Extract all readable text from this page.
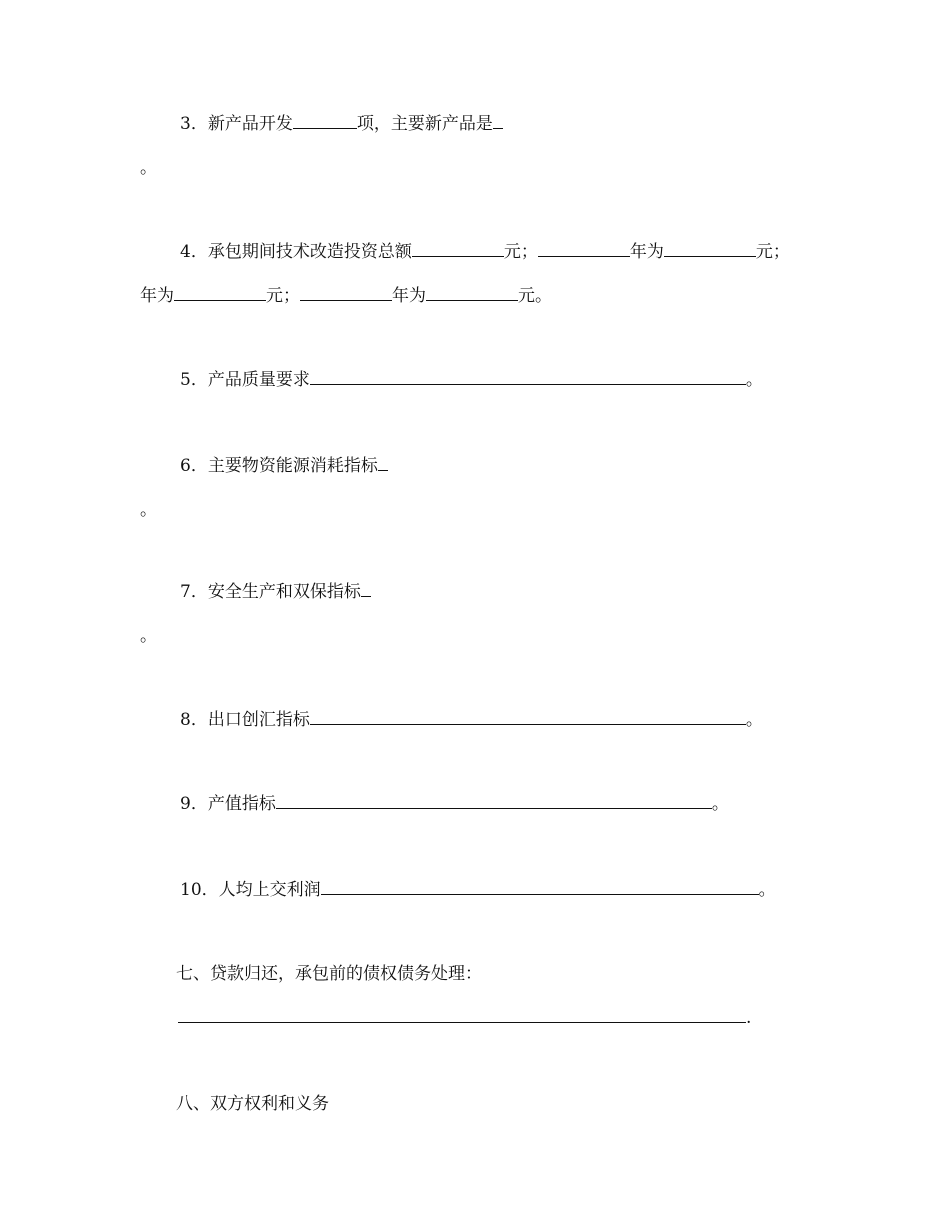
3．新产品开发	项，主要新产品是
。
4．承包期间技术改造投资总额	元；	年为	元；
年为	元；	年为	元。
5．产品质量要求	。
6．主要物资能源消耗指标
。
7．安全生产和双保指标
。
8．出口创汇指标	。
9．产值指标	。
10．人均上交利润	。
七、贷款归还，承包前的债权债务处理：
.
八、双方权利和义务
